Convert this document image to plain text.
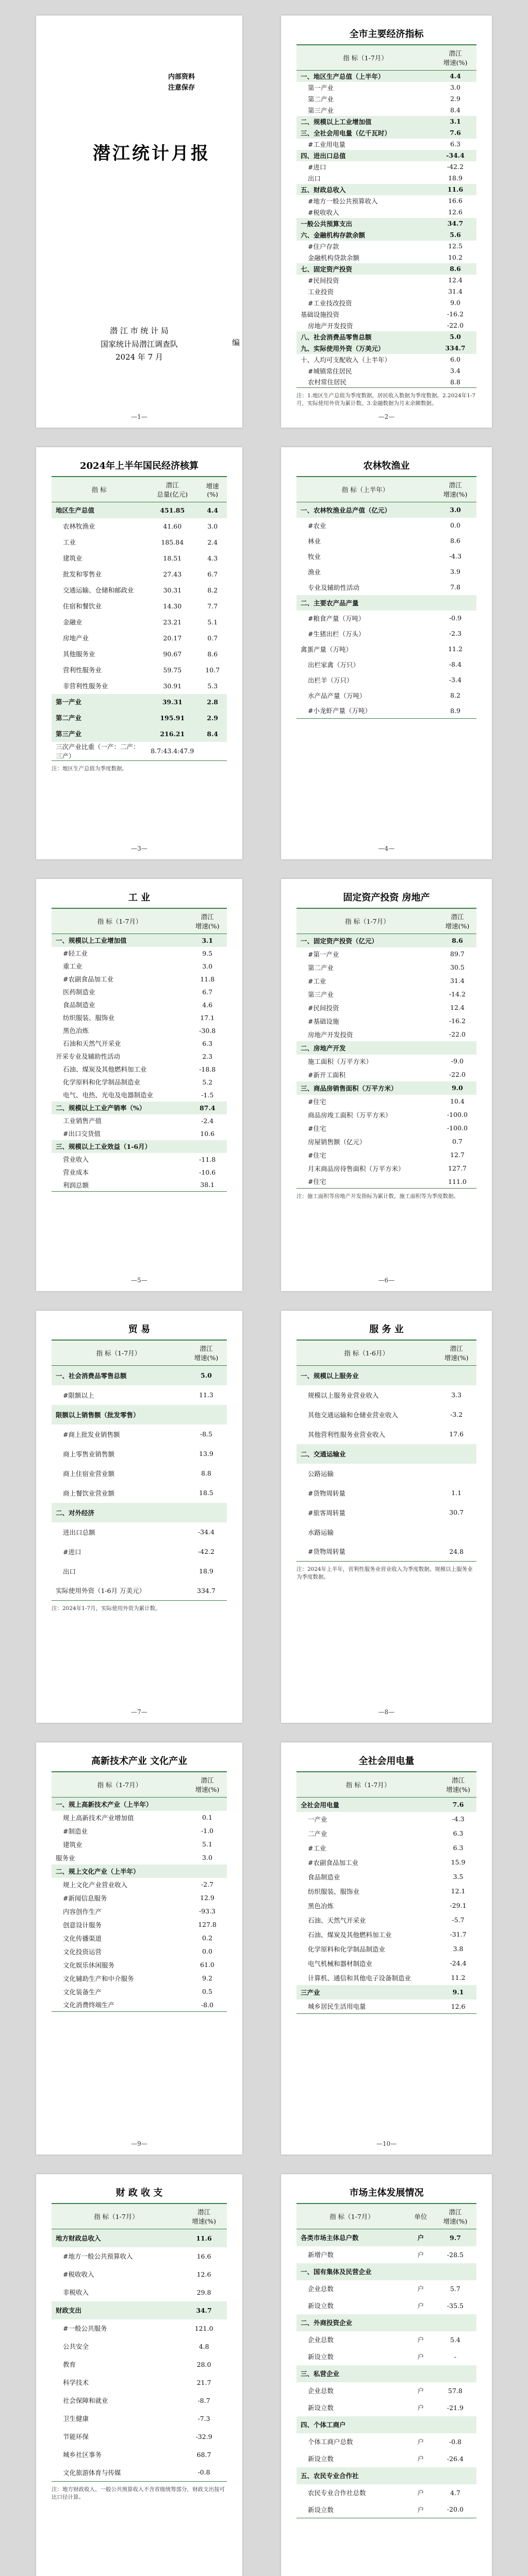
内部资料
注意保存
潜江统计月报
潜 江 市 统 计 局
国家统计局潜江调查队
2024 年 7 月
编
—1—
全市主要经济指标
指 标（1-7月）	潜江
增速(%)

一、地区生产总值（上半年）	4.4
第一产业	3.0
第二产业	2.9
第三产业	8.4
二、规模以上工业增加值	3.1
三、全社会用电量（亿千瓦时）	7.6
#工业用电量	6.3
四、进出口总值	-34.4
#进口	-42.2
出口	18.9
五、财政总收入	11.6
#地方一般公共预算收入	16.6
#税收收入	12.6
一般公共预算支出	34.7
六、金融机构存款余额	5.6
#住户存款	12.5
金融机构贷款余额	10.2
七、固定资产投资	8.6
#民间投资	12.4
工业投资	31.4
#工业技改投资	9.0
基础设施投资	-16.2
房地产开发投资	-22.0
八、社会消费品零售总额	5.0
九、实际使用外资（万美元）	334.7
十、人均可支配收入（上半年）	6.0
#城镇常住居民	3.4
农村常住居民	8.8
注：1.地区生产总值为季度数据，居民收入数据为季度数据。2.2024年1-7月，实际使用外资为累计数。3.金融数据为月末余额数据。
—2—
农林牧渔业
指 标（上半年）	潜江
增速(%)

一、农林牧渔业总产值（亿元）	3.0
#农业	0.0
林业	8.6
牧业	-4.3
渔业	3.9
专业及辅助性活动	7.8
二、主要农产品产量	
#粮食产量（万吨）	-0.9
#生猪出栏（万头）	-2.3
禽蛋产量（万吨）	11.2
出栏家禽（万只）	-8.4
出栏羊（万只）	-3.4
水产品产量（万吨）	8.2
#小龙虾产量（万吨）	8.9
—4—
工 业
指 标（1-7月）	潜江
增速(%)

一、规模以上工业增加值	3.1
#轻工业	9.5
重工业	3.0
#农副食品加工业	11.8
医药制造业	6.7
食品制造业	4.6
纺织服装、服饰业	17.1
黑色冶炼	-30.8
石油和天然气开采业	6.3
开采专业及辅助性活动	2.3
石油、煤炭及其他燃料加工业	-18.8
化学原料和化学制品制造业	5.2
电气、电热、光电及电器制造业	-1.5
二、规模以上工业产销率（%）	87.4
工业销售产值	-2.4
#出口交货值	10.6
三、规模以上工业效益（1-6月）	
营业收入	-11.8
营业成本	-10.6
利润总额	38.1
—5—
固定资产投资 房地产
指 标（1-7月）	潜江
增速(%)

一、固定资产投资（亿元）	8.6
#第一产业	89.7
第二产业	30.5
#工业	31.4
第三产业	-14.2
#民间投资	12.4
#基础设施	-16.2
房地产开发投资	-22.0
二、房地产开发	
施工面积（万平方米）	-9.0
#新开工面积	-22.0
三、商品房销售面积（万平方米）	9.0
#住宅	10.4
商品房竣工面积（万平方米）	-100.0
#住宅	-100.0
房屋销售额（亿元）	0.7
#住宅	12.7
月末商品房待售面积（万平方米）	127.7
#住宅	111.0
注：施工面积等房地产开发指标为累计数，施工面积等为季度数据。
—6—
贸 易
指 标（1-7月）	潜江
增速(%)

一、社会消费品零售总额	5.0
#限额以上	11.3
限额以上销售额（批发零售）	
#商上批发业销售额	-8.5
商上零售业销售额	13.9
商上住宿业营业额	8.8
商上餐饮业营业额	18.5
二、对外经济	
进出口总额	-34.4
#进口	-42.2
出口	18.9
实际使用外资（1-6月 万美元）	334.7
注：2024年1-7月，实际使用外资为累计数。
—7—
服 务 业
指 标（1-6月）	潜江
增速(%)

一、规模以上服务业	
规模以上服务业营业收入	3.3
其他交通运输和仓储业营业收入	-3.2
其他营利性服务业营业收入	17.6
二、交通运输业	
公路运输	
#货物周转量	1.1
#旅客周转量	30.7
水路运输	
#货物周转量	24.8
注：2024年上半年，营利性服务业营业收入为季度数据。规模以上服务业为季度数据。
—8—
高新技术产业 文化产业
指 标（1-7月）	潜江
增速(%)

一、规上高新技术产业（上半年）	
规上高新技术产业增加值	0.1
#制造业	-1.0
建筑业	5.1
服务业	3.0
二、规上文化产业（上半年）	
规上文化产业营业收入	-2.7
#新闻信息服务	12.9
内容创作生产	-93.3
创意设计服务	127.8
文化传播渠道	0.2
文化投资运营	0.0
文化娱乐休闲服务	61.0
文化辅助生产和中介服务	9.2
文化装备生产	0.5
文化消费终端生产	-8.0
—9—
全社会用电量
指 标（1-7月）	潜江
增速(%)

全社会用电量	7.6
一产业	-4.3
二产业	6.3
#工业	6.3
#农副食品加工业	15.9
食品制造业	3.5
纺织服装、服饰业	12.1
黑色冶炼	-29.1
石油、天然气开采业	-5.7
石油、煤炭及其他燃料加工业	-31.7
化学原料和化学制品制造业	3.8
电气机械和器材制造业	-24.4
计算机、通信和其他电子设备制造业	11.2
三产业	9.1
城乡居民生活用电量	12.6
—10—
财 政 收 支
指 标（1-7月）	潜江
增速(%)

地方财政总收入	11.6
#地方一般公共预算收入	16.6
#税收收入	12.6
非税收入	29.8
财政支出	34.7
#一般公共服务	121.0
公共安全	4.8
教育	28.0
科学技术	21.7
社会保障和就业	-8.7
卫生健康	-7.3
节能环保	-32.9
城乡社区事务	68.7
文化旅游体育与传媒	-0.8
注：地方财政收入、一般公共预算收入不含省级统筹部分，财政支出按可比口径计算。
2024年上半年国民经济核算
指 标	潜江
总量(亿元)	增速(%)
地区生产总值	451.85	4.4
农林牧渔业	41.60	3.0
工业	185.84	2.4
建筑业	18.51	4.3
批发和零售业	27.43	6.7
交通运输、仓储和邮政业	30.31	8.2
住宿和餐饮业	14.30	7.7
金融业	23.21	5.1
房地产业	20.17	0.7
其他服务业	90.67	8.6
营利性服务业	59.75	10.7
非营利性服务业	30.91	5.3
第一产业	39.31	2.8
第二产业	195.91	2.9
第三产业	216.21	8.4
三次产业比重（一产：二产：三产）	8.7:43.4:47.9	
注：地区生产总值为季度数据。
—3—
市场主体发展情况
指 标（1-7月）	单位	潜江
增速(%)

各类市场主体总户数	户	9.7
新增户数	户	-28.5
一、国有集体及民营企业		
企业总数	户	5.7
新设立数	户	-35.5
二、外商投资企业		
企业总数	户	5.4
新设立数	户	-
三、私营企业		
企业总数	户	57.8
新设立数	户	-21.9
四、个体工商户		
个体工商户总数	户	-0.8
新设立数	户	-26.4
五、农民专业合作社		
农民专业合作社总数	户	4.7
新设立数	户	-20.0
